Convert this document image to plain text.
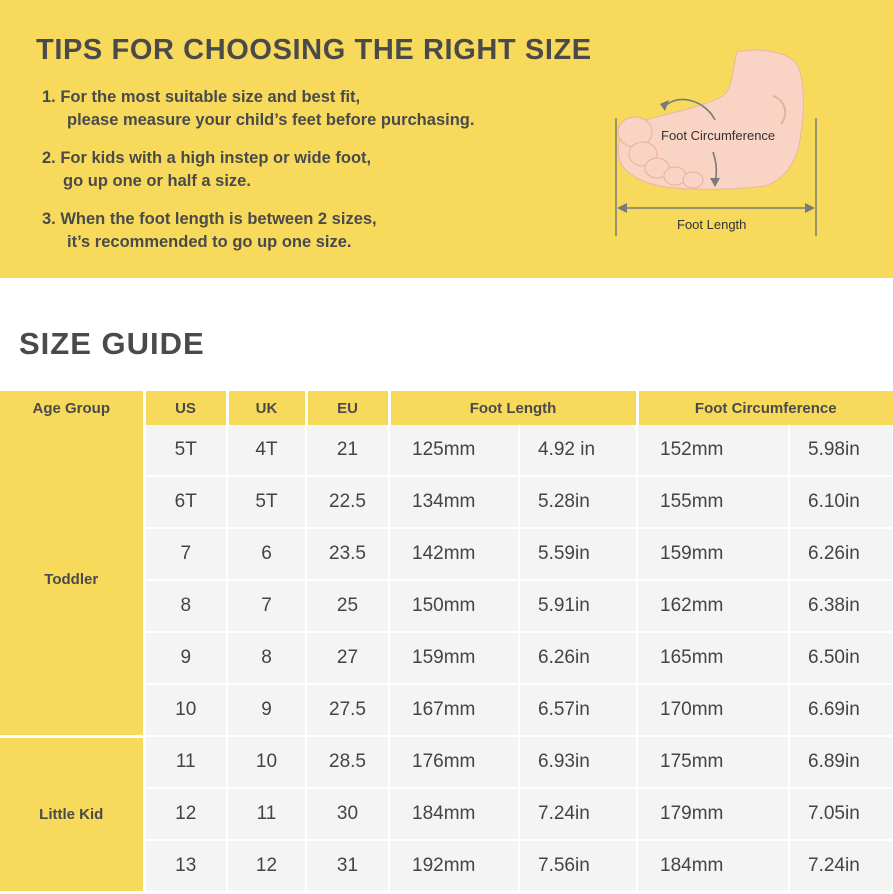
TIPS FOR CHOOSING THE RIGHT SIZE
1. For the most suitable size and best fit,
please measure your child’s feet before purchasing.
2. For kids with a high instep or wide foot,
go up one or half a size.
3. When the foot length is between 2 sizes,
it’s recommended to go up one size.
Foot Circumference
Foot Length
SIZE GUIDE
Age Group	US	UK	EU	Foot Length		Foot Circumference	
Toddler	5T	4T	21	125mm	4.92 in	152mm	5.98in
	6T	5T	22.5	134mm	5.28in	155mm	6.10in
	7	6	23.5	142mm	5.59in	159mm	6.26in
	8	7	25	150mm	5.91in	162mm	6.38in
	9	8	27	159mm	6.26in	165mm	6.50in
	10	9	27.5	167mm	6.57in	170mm	6.69in
Little Kid	11	10	28.5	176mm	6.93in	175mm	6.89in
	12	11	30	184mm	7.24in	179mm	7.05in
	13	12	31	192mm	7.56in	184mm	7.24in
